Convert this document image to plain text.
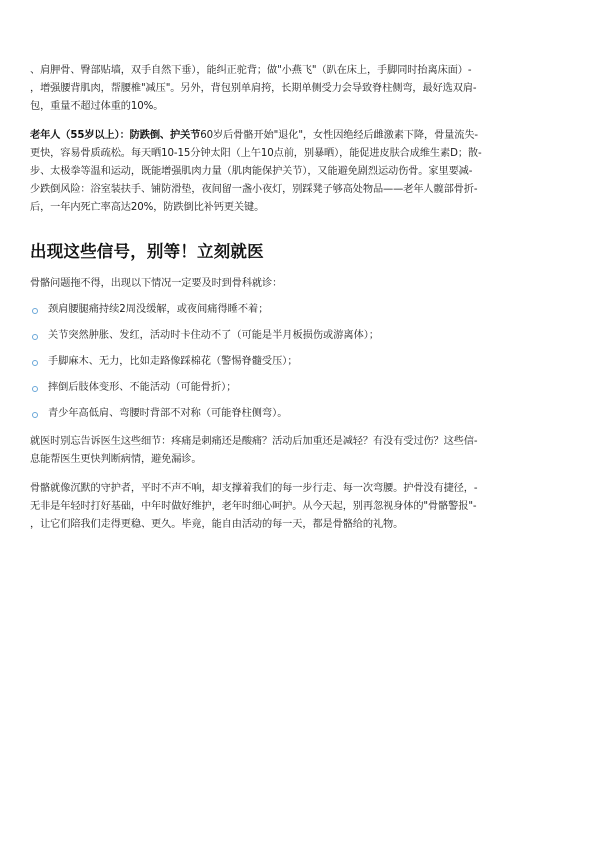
、肩胛骨、臀部贴墙，双手自然下垂），能纠正驼背；做"小燕飞"（趴在床上，手脚同时抬离床面）-
，增强腰背肌肉，帮腰椎"减压"。另外，背包别单肩挎，长期单侧受力会导致脊柱侧弯，最好选双肩-
包，重量不超过体重的10%。

老年人（55岁以上）：防跌倒、护关节60岁后骨骼开始"退化"，女性因绝经后雌激素下降，骨量流失-
更快，容易骨质疏松。每天晒10-15分钟太阳（上午10点前，别暴晒），能促进皮肤合成维生素D；散-
步、太极拳等温和运动，既能增强肌肉力量（肌肉能保护关节），又能避免剧烈运动伤骨。家里要减-
少跌倒风险：浴室装扶手、铺防滑垫，夜间留一盏小夜灯，别踩凳子够高处物品——老年人髋部骨折-
后，一年内死亡率高达20%，防跌倒比补钙更关键。

出现这些信号，别等！立刻就医

骨骼问题拖不得，出现以下情况一定要及时到骨科就诊：

颈肩腰腿痛持续2周没缓解，或夜间痛得睡不着；
关节突然肿胀、发红，活动时卡住动不了（可能是半月板损伤或游离体）；
手脚麻木、无力，比如走路像踩棉花（警惕脊髓受压）；
摔倒后肢体变形、不能活动（可能骨折）；
青少年高低肩、弯腰时背部不对称（可能脊柱侧弯）。

就医时别忘告诉医生这些细节：疼痛是刺痛还是酸痛？活动后加重还是减轻？有没有受过伤？这些信-
息能帮医生更快判断病情，避免漏诊。

骨骼就像沉默的守护者，平时不声不响，却支撑着我们的每一步行走、每一次弯腰。护骨没有捷径，-
无非是年轻时打好基础，中年时做好维护，老年时细心呵护。从今天起，别再忽视身体的"骨骼警报"-
，让它们陪我们走得更稳、更久。毕竟，能自由活动的每一天，都是骨骼给的礼物。
